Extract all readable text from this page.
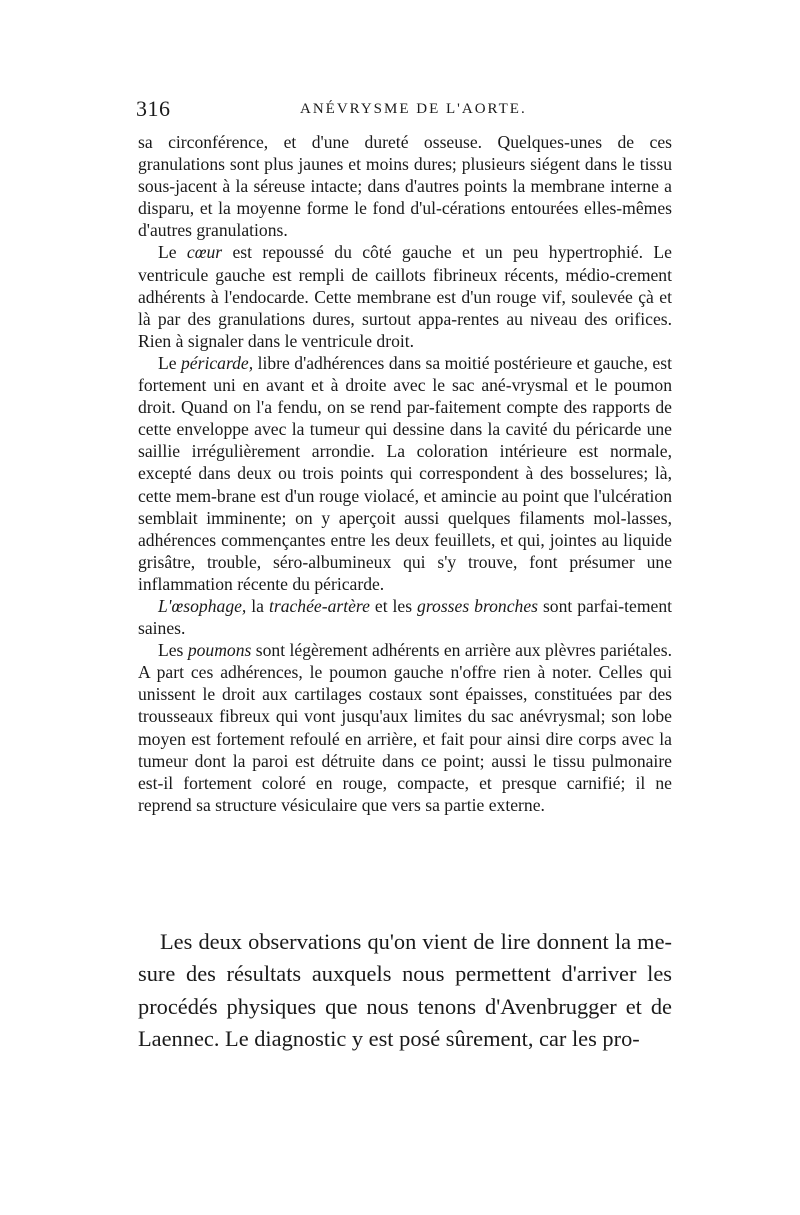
316	ANÉVRYSME DE L'AORTE.

sa circonférence, et d'une dureté osseuse. Quelques-unes de ces granulations sont plus jaunes et moins dures; plusieurs siégent dans le tissu sous-jacent à la séreuse intacte; dans d'autres points la membrane interne a disparu, et la moyenne forme le fond d'ul-cérations entourées elles-mêmes d'autres granulations.

Le cœur est repoussé du côté gauche et un peu hypertrophié. Le ventricule gauche est rempli de caillots fibrineux récents, médio-crement adhérents à l'endocarde. Cette membrane est d'un rouge vif, soulevée çà et là par des granulations dures, surtout appa-rentes au niveau des orifices. Rien à signaler dans le ventricule droit.

Le péricarde, libre d'adhérences dans sa moitié postérieure et gauche, est fortement uni en avant et à droite avec le sac ané-vrysmal et le poumon droit. Quand on l'a fendu, on se rend par-faitement compte des rapports de cette enveloppe avec la tumeur qui dessine dans la cavité du péricarde une saillie irrégulièrement arrondie. La coloration intérieure est normale, excepté dans deux ou trois points qui correspondent à des bosselures; là, cette mem-brane est d'un rouge violacé, et amincie au point que l'ulcération semblait imminente; on y aperçoit aussi quelques filaments mol-lasses, adhérences commençantes entre les deux feuillets, et qui, jointes au liquide grisâtre, trouble, séro-albumineux qui s'y trouve, font présumer une inflammation récente du péricarde.

L'œsophage, la trachée-artère et les grosses bronches sont parfai-tement saines.

Les poumons sont légèrement adhérents en arrière aux plèvres pariétales. A part ces adhérences, le poumon gauche n'offre rien à noter. Celles qui unissent le droit aux cartilages costaux sont épaisses, constituées par des trousseaux fibreux qui vont jusqu'aux limites du sac anévrysmal; son lobe moyen est fortement refoulé en arrière, et fait pour ainsi dire corps avec la tumeur dont la paroi est détruite dans ce point; aussi le tissu pulmonaire est-il fortement coloré en rouge, compacte, et presque carnifié; il ne reprend sa structure vésiculaire que vers sa partie externe.

Les deux observations qu'on vient de lire donnent la me-sure des résultats auxquels nous permettent d'arriver les procédés physiques que nous tenons d'Avenbrugger et de Laennec. Le diagnostic y est posé sûrement, car les pro-
